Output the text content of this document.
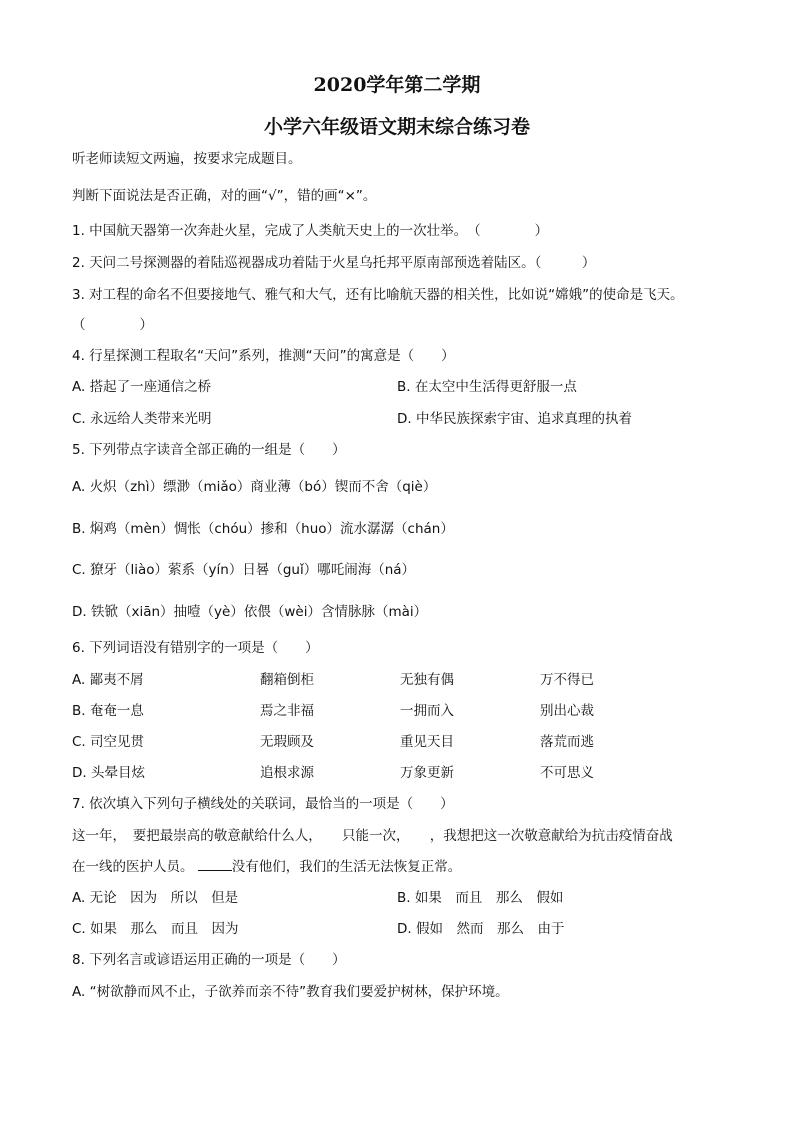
2020学年第二学期
小学六年级语文期末综合练习卷
听老师读短文两遍，按要求完成题目。
判断下面说法是否正确，对的画“√”，错的画“×”。
1. 中国航天器第一次奔赴火星，完成了人类航天史上的一次壮举。　（　　　　）
2. 天问二号探测器的着陆巡视器成功着陆于火星乌托邦平原南部预选着陆区。（　　　）
3. 对工程的命名不但要接地气、雅气和大气，还有比喻航天器的相关性，比如说“嫦娥”的使命是飞天。
（　　　　）
4. 行星探测工程取名“天问”系列，推测“天问”的寓意是（　　）
A. 搭起了一座通信之桥	B. 在太空中生活得更舒服一点
C. 永远给人类带来光明	D. 中华民族探索宇宙、追求真理的执着
5. 下列带点字读音全部正确的一组是（　　）
A. 火炽（zhì）缥渺（miǎo）商业薄（bó）锲而不舍（qiè）
B. 焖鸡（mèn）惆怅（chóu）掺和（huo）流水潺潺（chán）
C. 獠牙（liào）萦系（yín）日晷（guǐ）哪吒闹海（ná）
D. 铁锨（xiān）抽噎（yè）依偎（wèi）含情脉脉（mài）
6. 下列词语没有错别字的一项是（　　）
A. 鄙夷不屑	翻箱倒柜	无独有偶	万不得已
B. 奄奄一息	焉之非福	一拥而入	别出心裁
C. 司空见贯	无瑕顾及	重见天目	落荒而逃
D. 头晕目炫	追根求源	万象更新	不可思义
7. 依次填入下列句子横线处的关联词，最恰当的一项是（　　）
这一年，　要把最崇高的敬意献给什么人，　　只能一次，　　，我想把这一次敬意献给为抗击疫情奋战
在一线的医护人员。	没有他们，我们的生活无法恢复正常。
A. 无论　因为　所以　但是	B. 如果　而且　那么　假如
C. 如果　那么　而且　因为	D. 假如　然而　那么　由于
8. 下列名言或谚语运用正确的一项是（　　）
A. “树欲静而风不止，子欲养而亲不待”教育我们要爱护树林，保护环境。
